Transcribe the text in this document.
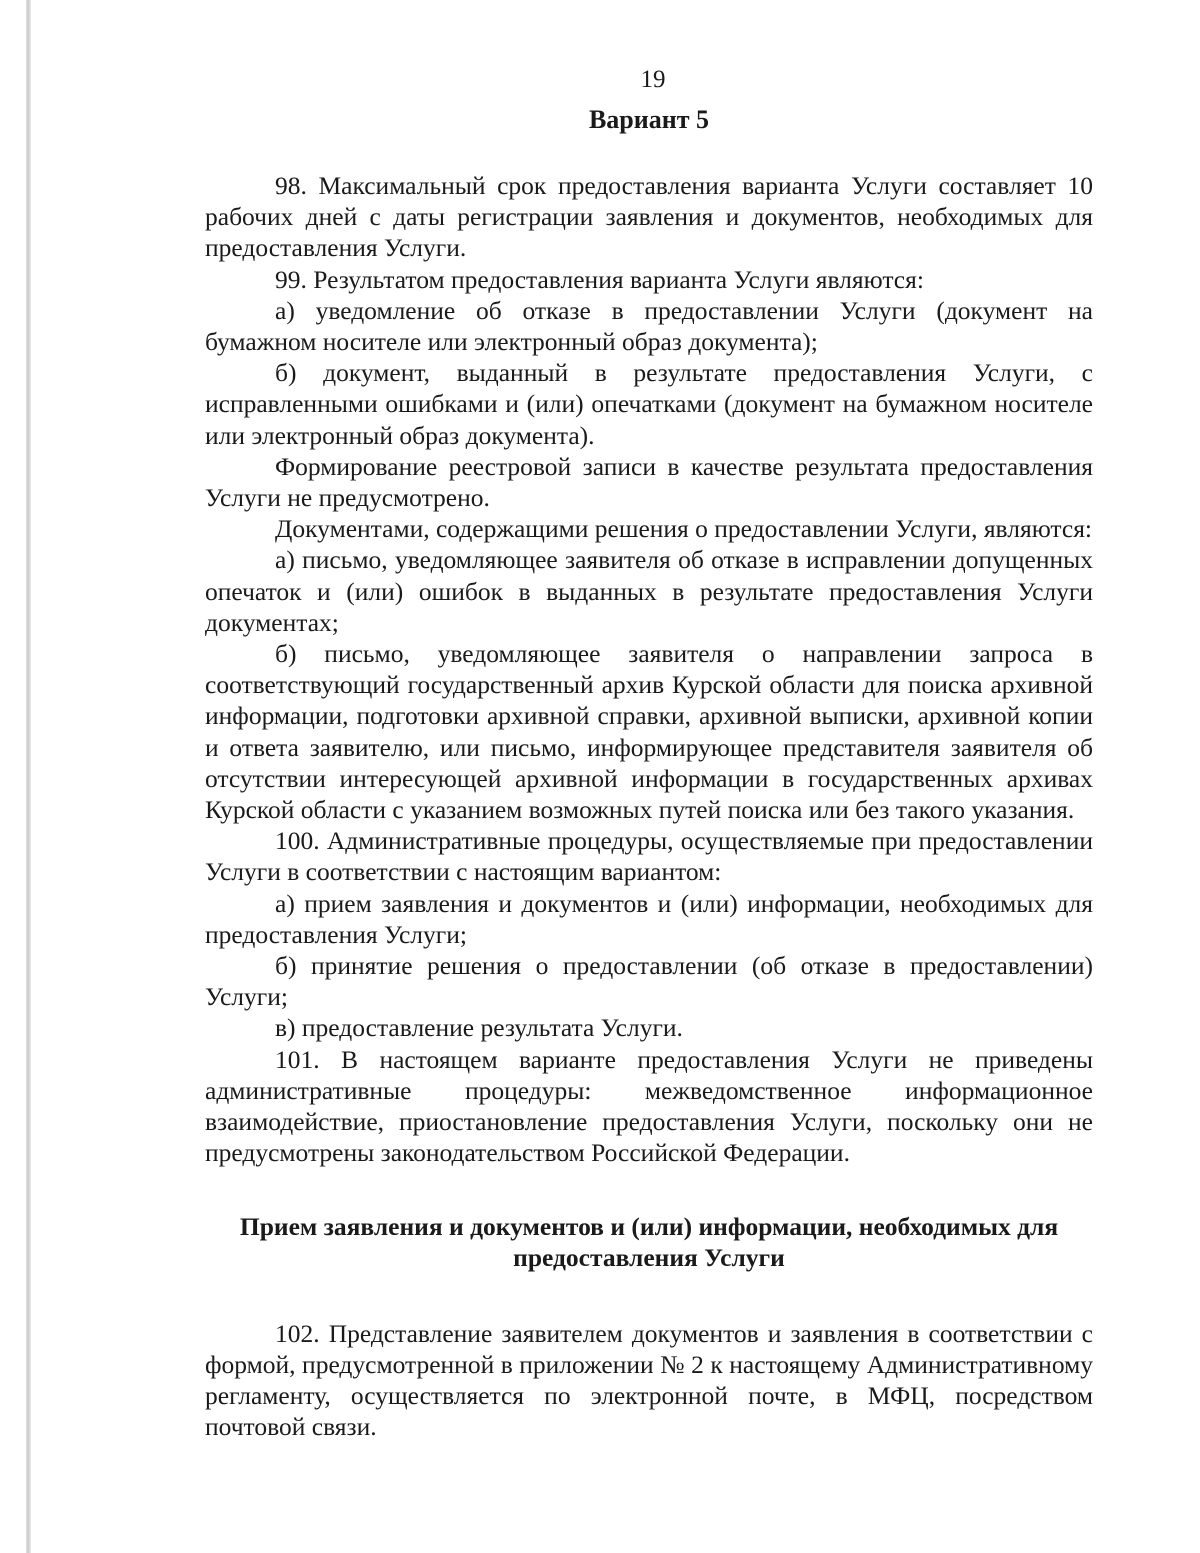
19
Вариант 5

98. Максимальный срок предоставления варианта Услуги составляет 10 рабочих дней с даты регистрации заявления и документов, необходимых для предоставления Услуги.

99. Результатом предоставления варианта Услуги являются:

а) уведомление об отказе в предоставлении Услуги (документ на бумажном носителе или электронный образ документа);

б) документ, выданный в результате предоставления Услуги, с исправленными ошибками и (или) опечатками (документ на бумажном носителе или электронный образ документа).

Формирование реестровой записи в качестве результата предоставления Услуги не предусмотрено.

Документами, содержащими решения о предоставлении Услуги, являются:

а) письмо, уведомляющее заявителя об отказе в исправлении допущенных опечаток и (или) ошибок в выданных в результате предоставления Услуги документах;

б) письмо, уведомляющее заявителя о направлении запроса в соответствующий государственный архив Курской области для поиска архивной информации, подготовки архивной справки, архивной выписки, архивной копии и ответа заявителю, или письмо, информирующее представителя заявителя об отсутствии интересующей архивной информации в государственных архивах Курской области с указанием возможных путей поиска или без такого указания.

100. Административные процедуры, осуществляемые при предоставлении Услуги в соответствии с настоящим вариантом:

а) прием заявления и документов и (или) информации, необходимых для предоставления Услуги;

б) принятие решения о предоставлении (об отказе в предоставлении) Услуги;

в) предоставление результата Услуги.

101. В настоящем варианте предоставления Услуги не приведены административные процедуры: межведомственное информационное взаимодействие, приостановление предоставления Услуги, поскольку они не предусмотрены законодательством Российской Федерации.

Прием заявления и документов и (или) информации, необходимых для предоставления Услуги

102. Представление заявителем документов и заявления в соответствии с формой, предусмотренной в приложении № 2 к настоящему Административному регламенту, осуществляется по электронной почте, в МФЦ, посредством почтовой связи.
